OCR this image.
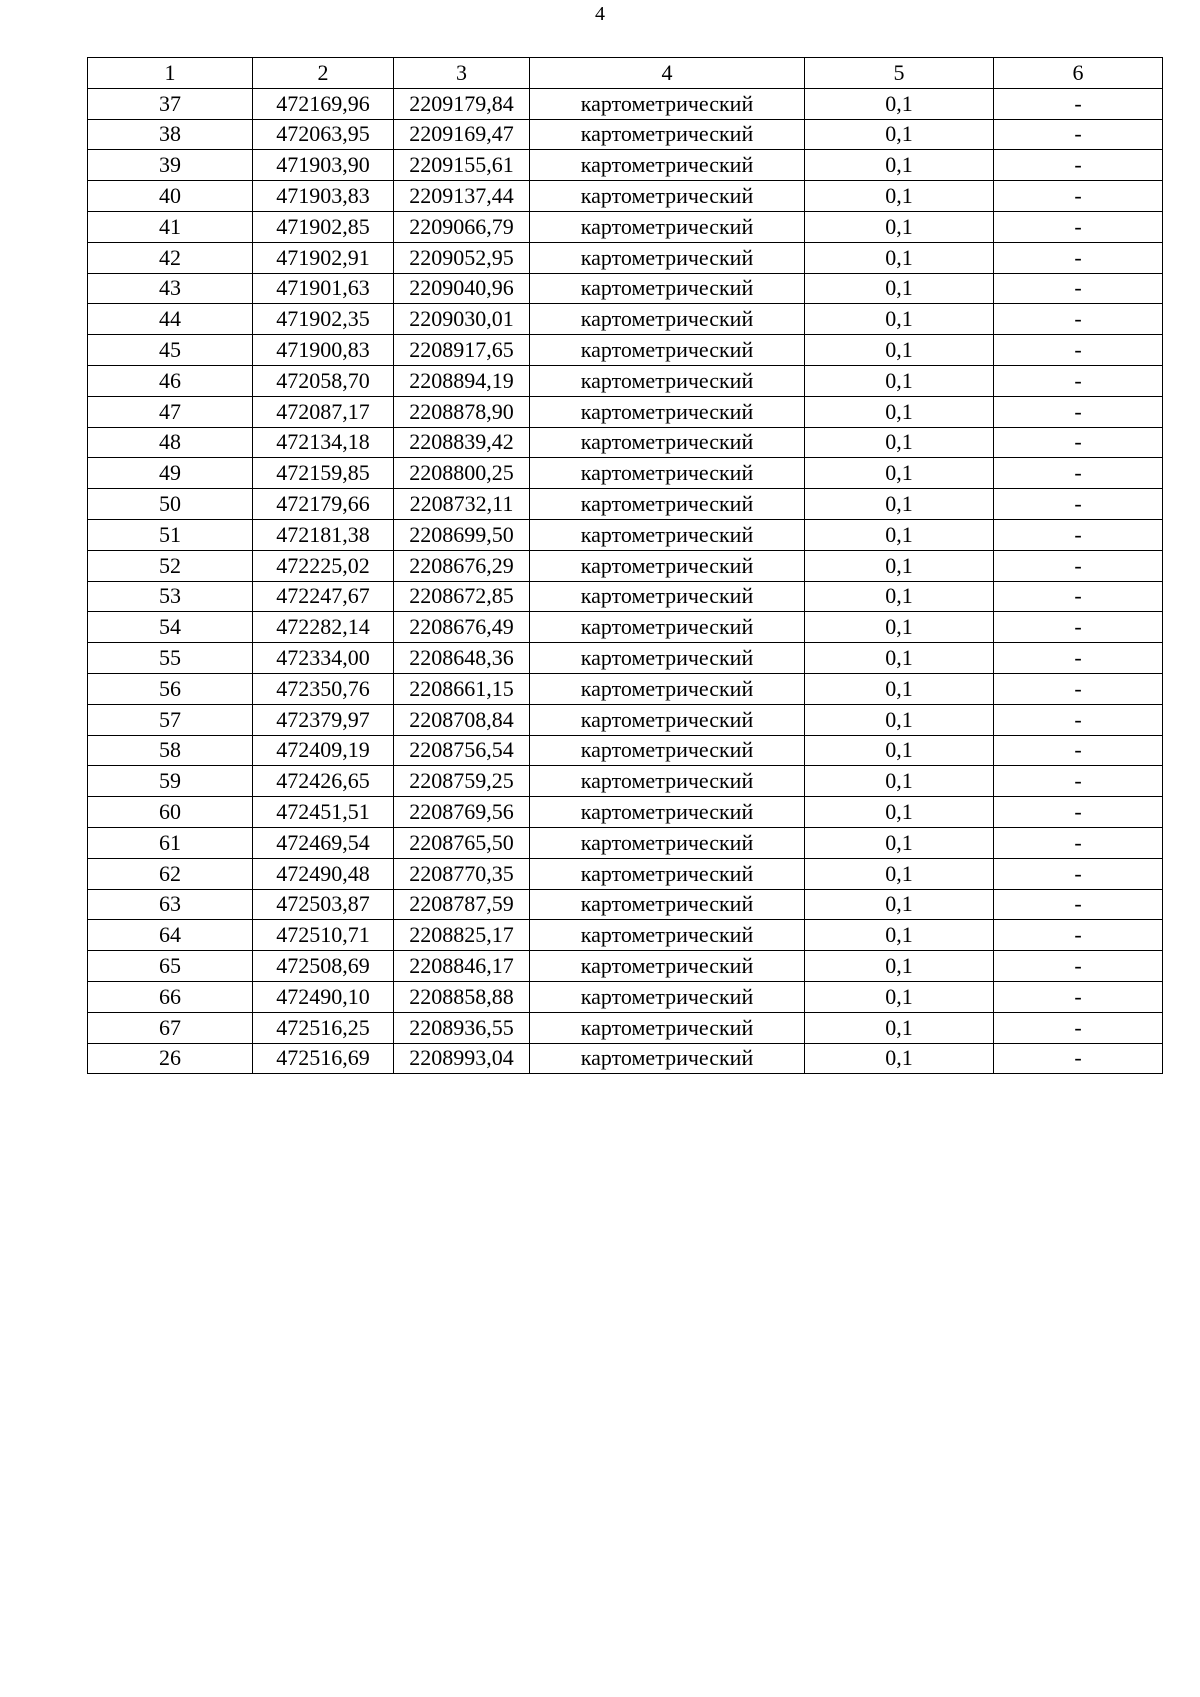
4
1	2	3	4	5	6
37	472169,96	2209179,84	картометрический	0,1	-
38	472063,95	2209169,47	картометрический	0,1	-
39	471903,90	2209155,61	картометрический	0,1	-
40	471903,83	2209137,44	картометрический	0,1	-
41	471902,85	2209066,79	картометрический	0,1	-
42	471902,91	2209052,95	картометрический	0,1	-
43	471901,63	2209040,96	картометрический	0,1	-
44	471902,35	2209030,01	картометрический	0,1	-
45	471900,83	2208917,65	картометрический	0,1	-
46	472058,70	2208894,19	картометрический	0,1	-
47	472087,17	2208878,90	картометрический	0,1	-
48	472134,18	2208839,42	картометрический	0,1	-
49	472159,85	2208800,25	картометрический	0,1	-
50	472179,66	2208732,11	картометрический	0,1	-
51	472181,38	2208699,50	картометрический	0,1	-
52	472225,02	2208676,29	картометрический	0,1	-
53	472247,67	2208672,85	картометрический	0,1	-
54	472282,14	2208676,49	картометрический	0,1	-
55	472334,00	2208648,36	картометрический	0,1	-
56	472350,76	2208661,15	картометрический	0,1	-
57	472379,97	2208708,84	картометрический	0,1	-
58	472409,19	2208756,54	картометрический	0,1	-
59	472426,65	2208759,25	картометрический	0,1	-
60	472451,51	2208769,56	картометрический	0,1	-
61	472469,54	2208765,50	картометрический	0,1	-
62	472490,48	2208770,35	картометрический	0,1	-
63	472503,87	2208787,59	картометрический	0,1	-
64	472510,71	2208825,17	картометрический	0,1	-
65	472508,69	2208846,17	картометрический	0,1	-
66	472490,10	2208858,88	картометрический	0,1	-
67	472516,25	2208936,55	картометрический	0,1	-
26	472516,69	2208993,04	картометрический	0,1	-
